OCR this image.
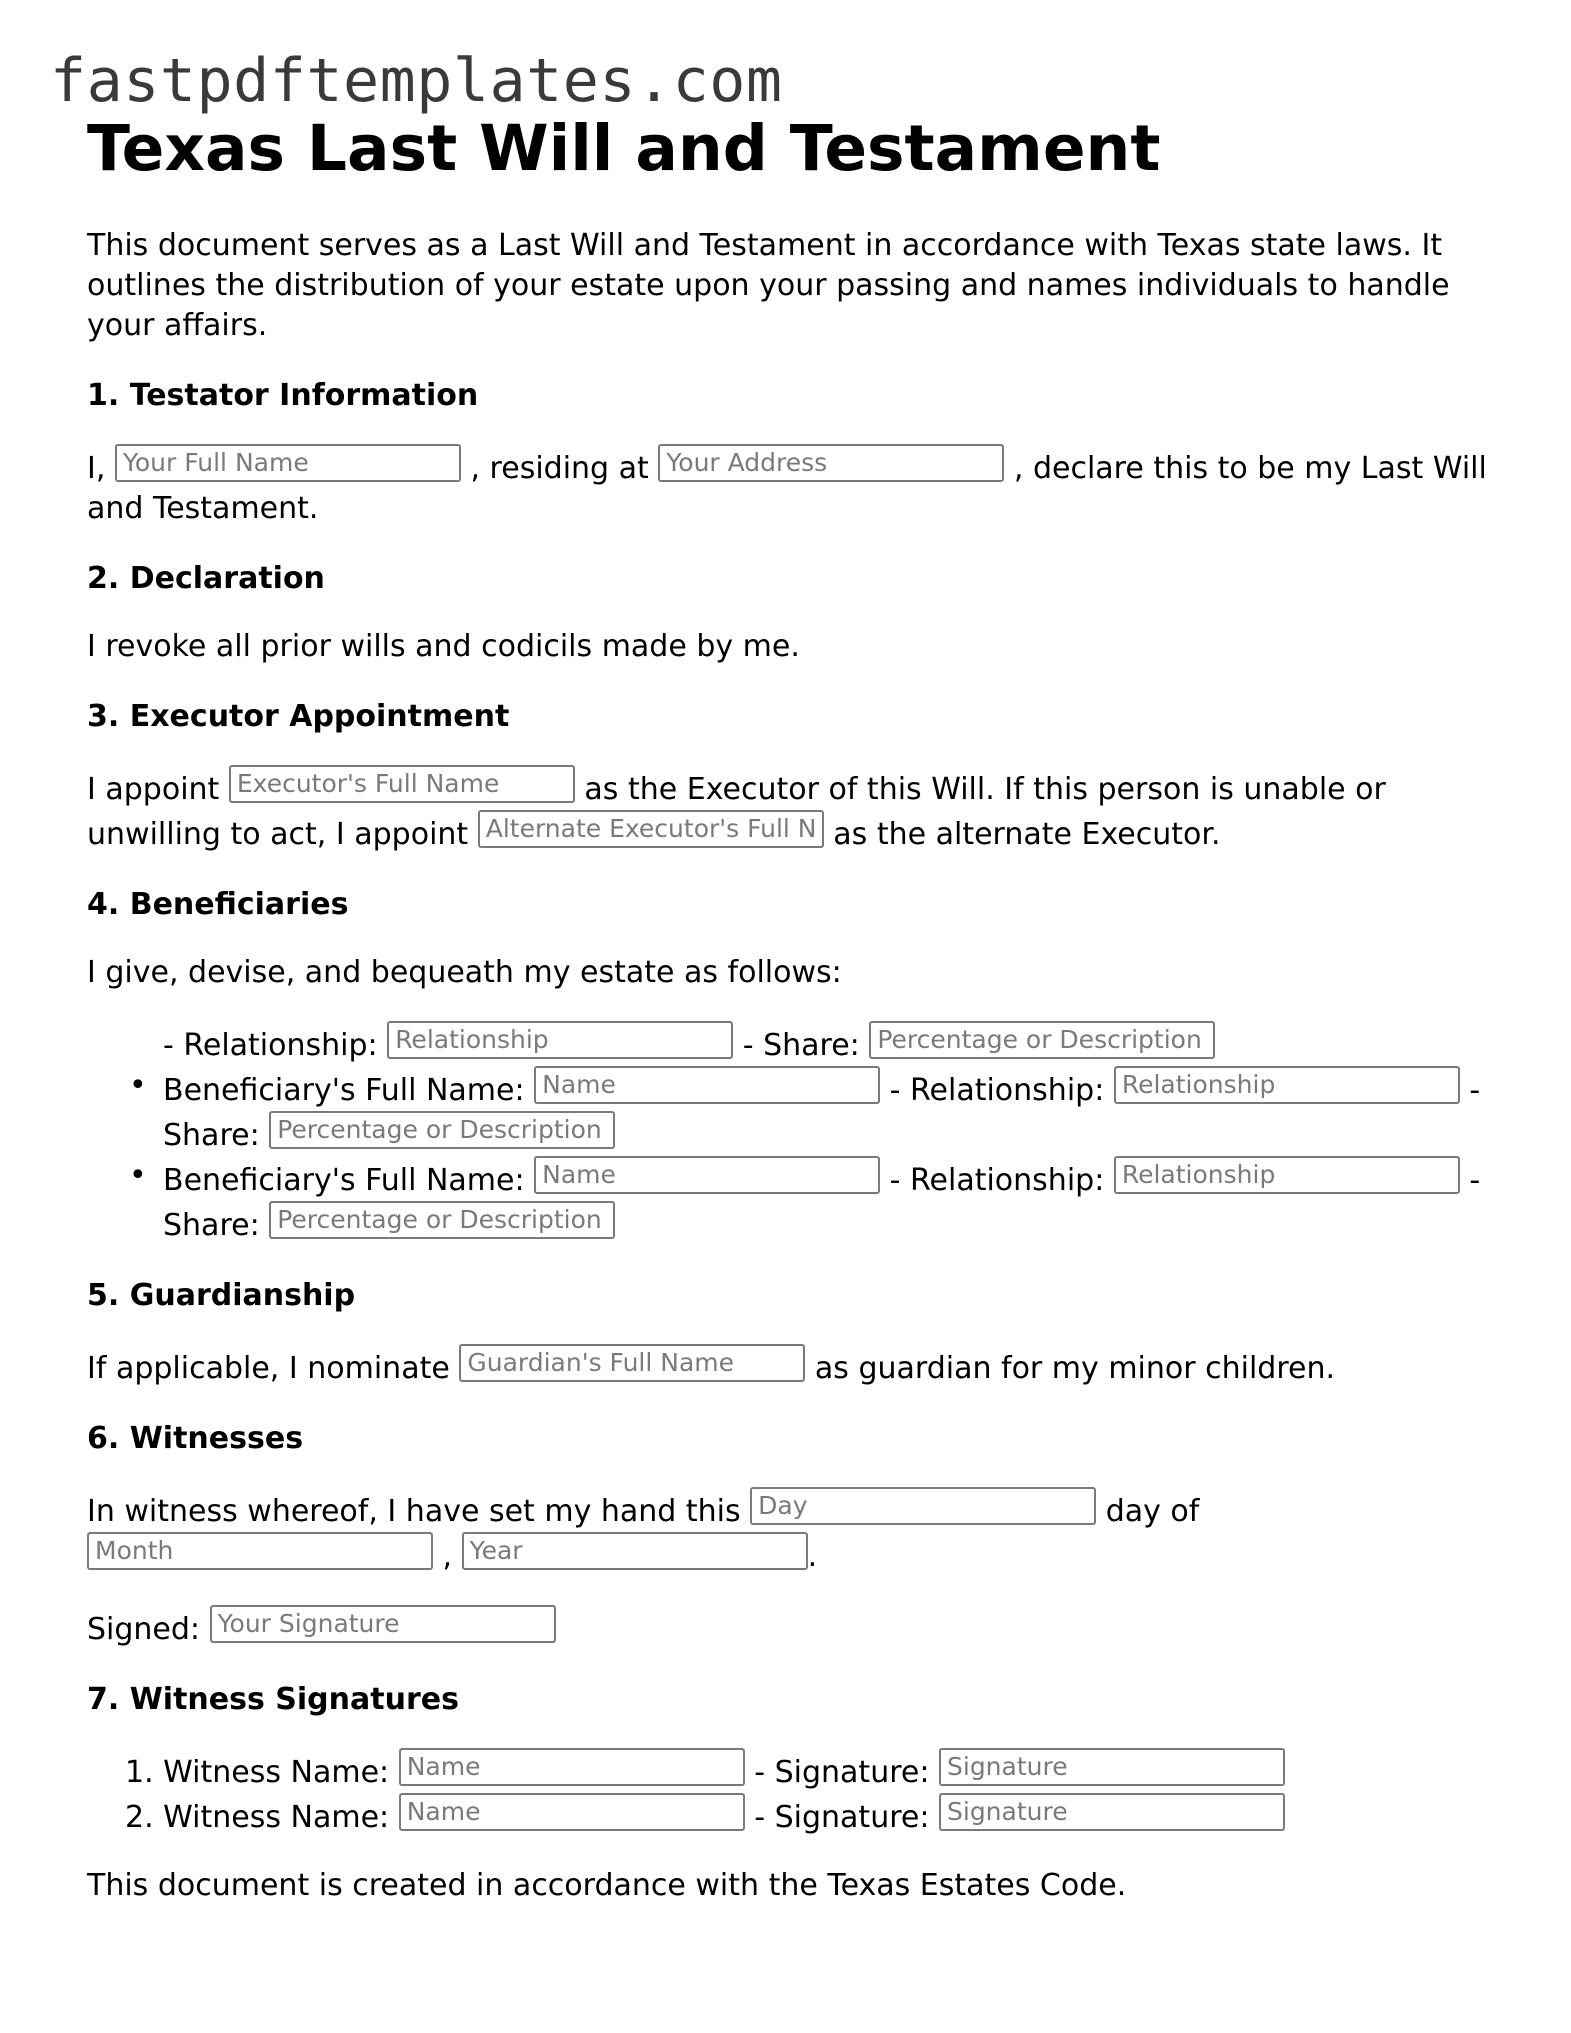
fastpdftemplates.com
Texas Last Will and Testament
This document serves as a Last Will and Testament in accordance with Texas state laws. It outlines the distribution of your estate upon your passing and names individuals to handle your affairs.
1. Testator Information

I, Your Full Name	, residing at Your Address	, declare this to be my Last Will and Testament.

2. Declaration

I revoke all prior wills and codicils made by me.

3. Executor Appointment

I appoint Executor's Full Name	as the Executor of this Will. If this person is unable or unwilling to act, I appoint Alternate Executor's Full N as the alternate Executor.

4. Beneficiaries

I give, devise, and bequeath my estate as follows:

- Relationship: Relationship	- Share: Percentage or Description
• Beneficiary's Full Name: Name	- Relationship: Relationship	- Share: Percentage or Description
• Beneficiary's Full Name: Name	- Relationship: Relationship	- Share: Percentage or Description
5. Guardianship

If applicable, I nominate Guardian's Full Name	as guardian for my minor children.

6. Witnesses

In witness whereof, I have set my hand this Day	day of
Month	, Year	.

Signed: Your Signature

7. Witness Signatures
1. Witness Name: Name	- Signature: Signature
2. Witness Name: Name	- Signature: Signature

This document is created in accordance with the Texas Estates Code.
